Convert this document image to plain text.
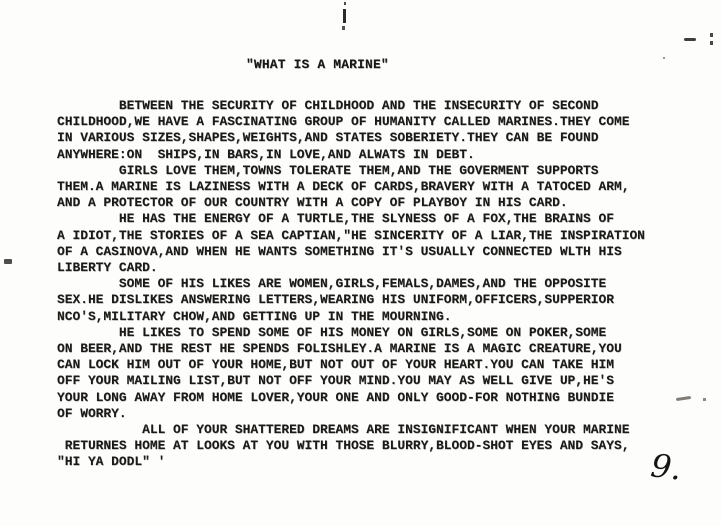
"WHAT IS A MARINE"
BETWEEN THE SECURITY OF CHILDHOOD AND THE INSECURITY OF SECOND
CHILDHOOD,WE HAVE A FASCINATING GROUP OF HUMANITY CALLED MARINES.THEY COME
IN VARIOUS SIZES,SHAPES,WEIGHTS,AND STATES SOBERIETY.THEY CAN BE FOUND
ANYWHERE:ON  SHIPS,IN BARS,IN LOVE,AND ALWATS IN DEBT.
GIRLS LOVE THEM,TOWNS TOLERATE THEM,AND THE GOVERMENT SUPPORTS
THEM.A MARINE IS LAZINESS WITH A DECK OF CARDS,BRAVERY WITH A TATOCED ARM,
AND A PROTECTOR OF OUR COUNTRY WITH A COPY OF PLAYBOY IN HIS CARD.
HE HAS THE ENERGY OF A TURTLE,THE SLYNESS OF A FOX,THE BRAINS OF
A IDIOT,THE STORIES OF A SEA CAPTIAN,"HE SINCERITY OF A LIAR,THE INSPIRATION
OF A CASINOVA,AND WHEN HE WANTS SOMETHING IT'S USUALLY CONNECTED WLTH HIS
LIBERTY CARD.
SOME OF HIS LIKES ARE WOMEN,GIRLS,FEMALS,DAMES,AND THE OPPOSITE
SEX.HE DISLIKES ANSWERING LETTERS,WEARING HIS UNIFORM,OFFICERS,SUPPERIOR
NCO'S,MILITARY CHOW,AND GETTING UP IN THE MOURNING.
HE LIKES TO SPEND SOME OF HIS MONEY ON GIRLS,SOME ON POKER,SOME
ON BEER,AND THE REST HE SPENDS FOLISHLEY.A MARINE IS A MAGIC CREATURE,YOU
CAN LOCK HIM OUT OF YOUR HOME,BUT NOT OUT OF YOUR HEART.YOU CAN TAKE HIM
OFF YOUR MAILING LIST,BUT NOT OFF YOUR MIND.YOU MAY AS WELL GIVE UP,HE'S
YOUR LONG AWAY FROM HOME LOVER,YOUR ONE AND ONLY GOOD-FOR NOTHING BUNDIE
OF WORRY.
ALL OF YOUR SHATTERED DREAMS ARE INSIGNIFICANT WHEN YOUR MARINE
RETURNES HOME AT LOOKS AT YOU WITH THOSE BLURRY,BLOOD-SHOT EYES AND SAYS,
"HI YA DODL" '	9.
